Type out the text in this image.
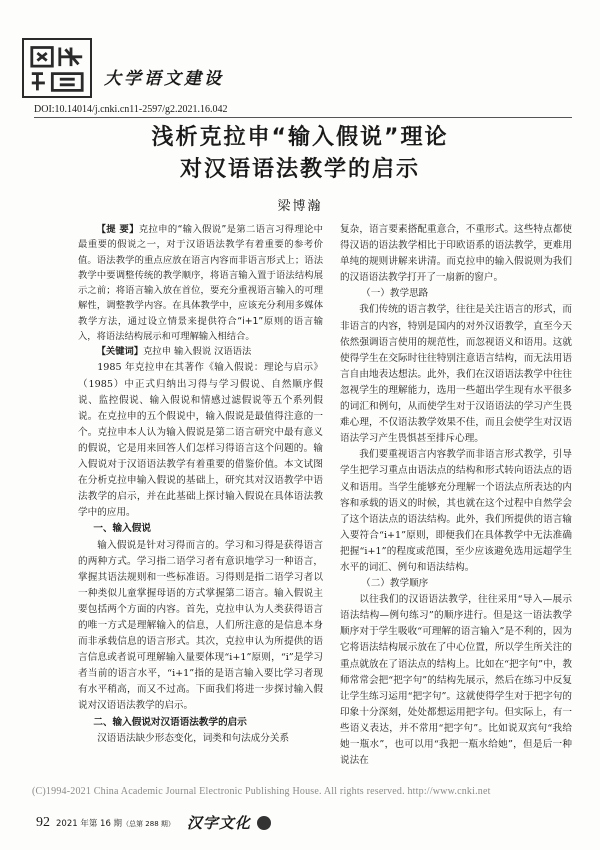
大学语文建设
DOI:10.14014/j.cnki.cn11-2597/g2.2021.16.042
浅析克拉申“输入假说”理论
对汉语语法教学的启示
梁博瀚

【提 要】克拉申的“输入假说”是第二语言习得理论中最重要的假说之一，对于汉语语法教学有着重要的参考价值。语法教学的重点应放在语言内容而非语言形式上；语法教学中要调整传统的教学顺序，将语言输入置于语法结构展示之前；将语言输入放在首位，要充分重视语言输入的可理解性，调整教学内容。在具体教学中，应该充分利用多媒体教学方法，通过设立情景来提供符合“i+1”原则的语言输入，将语法结构展示和可理解输入相结合。

【关键词】克拉申 输入假说 汉语语法

1985 年克拉申在其著作《输入假说：理论与启示》（1985）中正式归纳出习得与学习假说、自然顺序假说、监控假说、输入假说和情感过滤假说等五个系列假说。在克拉申的五个假说中，输入假说是最值得注意的一个。克拉申本人认为输入假说是第二语言研究中最有意义的假说，它是用来回答人们怎样习得语言这个问题的。输入假说对于汉语语法教学有着重要的借鉴价值。本文试图在分析克拉申输入假说的基础上，研究其对汉语教学中语法教学的启示，并在此基础上探讨输入假说在具体语法教学中的应用。

一、输入假说

输入假说是针对习得而言的。学习和习得是获得语言的两种方式。学习指二语学习者有意识地学习一种语言，掌握其语法规则和一些标准语。习得则是指二语学习者以一种类似儿童掌握母语的方式掌握第二语言。输入假说主要包括两个方面的内容。首先，克拉申认为人类获得语言的唯一方式是理解输入的信息，人们所注意的是信息本身而非承载信息的语言形式。其次，克拉申认为所提供的语言信息或者说可理解输入量要体现“i+1”原则，“i”是学习者当前的语言水平，“i+1”指的是语言输入要比学习者现有水平稍高，而又不过高。下面我们将进一步探讨输入假说对汉语语法教学的启示。

二、输入假说对汉语语法教学的启示

汉语语法缺少形态变化，词类和句法成分关系

复杂，语言要素搭配重意合，不重形式。这些特点都使得汉语的语法教学相比于印欧语系的语法教学，更难用单纯的规则讲解来讲清。而克拉申的输入假说则为我们的汉语语法教学打开了一扇新的窗户。

（一）教学思路

我们传统的语言教学，往往是关注语言的形式，而非语言的内容，特别是国内的对外汉语教学，直至今天依然强调语言使用的规范性，而忽视语义和语用。这就使得学生在交际时往往特别注意语言结构，而无法用语言自由地表达想法。此外，我们在汉语语法教学中往往忽视学生的理解能力，选用一些超出学生现有水平很多的词汇和例句，从而使学生对于汉语语法的学习产生畏难心理，不仅语法教学效果不佳，而且会使学生对汉语语法学习产生畏惧甚至排斥心理。

我们要重视语言内容教学而非语言形式教学，引导学生把学习重点由语法点的结构和形式转向语法点的语义和语用。当学生能够充分理解一个语法点所表达的内容和承载的语义的时候，其也就在这个过程中自然学会了这个语法点的语法结构。此外，我们所提供的语言输入要符合“i+1”原则，即便我们在具体教学中无法准确把握“i+1”的程度或范围，至少应该避免选用远超学生水平的词汇、例句和语法结构。

（二）教学顺序

以往我们的汉语语法教学，往往采用“导入—展示语法结构—例句练习”的顺序进行。但是这一语法教学顺序对于学生吸收“可理解的语言输入”是不利的，因为它将语法结构展示放在了中心位置，所以学生所关注的重点就放在了语法点的结构上。比如在“把字句”中，教师常常会把“把字句”的结构先展示，然后在练习中反复让学生练习运用“把字句”。这就使得学生对于把字句的印象十分深刻，处处都想运用把字句。但实际上，有一些语义表达，并不常用“把字句”。比如说双宾句“我给她一瓶水”，也可以用“我把一瓶水给她”，但是后一种说法在

(C)1994-2021 China Academic Journal Electronic Publishing House. All rights reserved. http://www.cnki.net
92 2021 年第 16 期（总第 288 期） 汉字文化
